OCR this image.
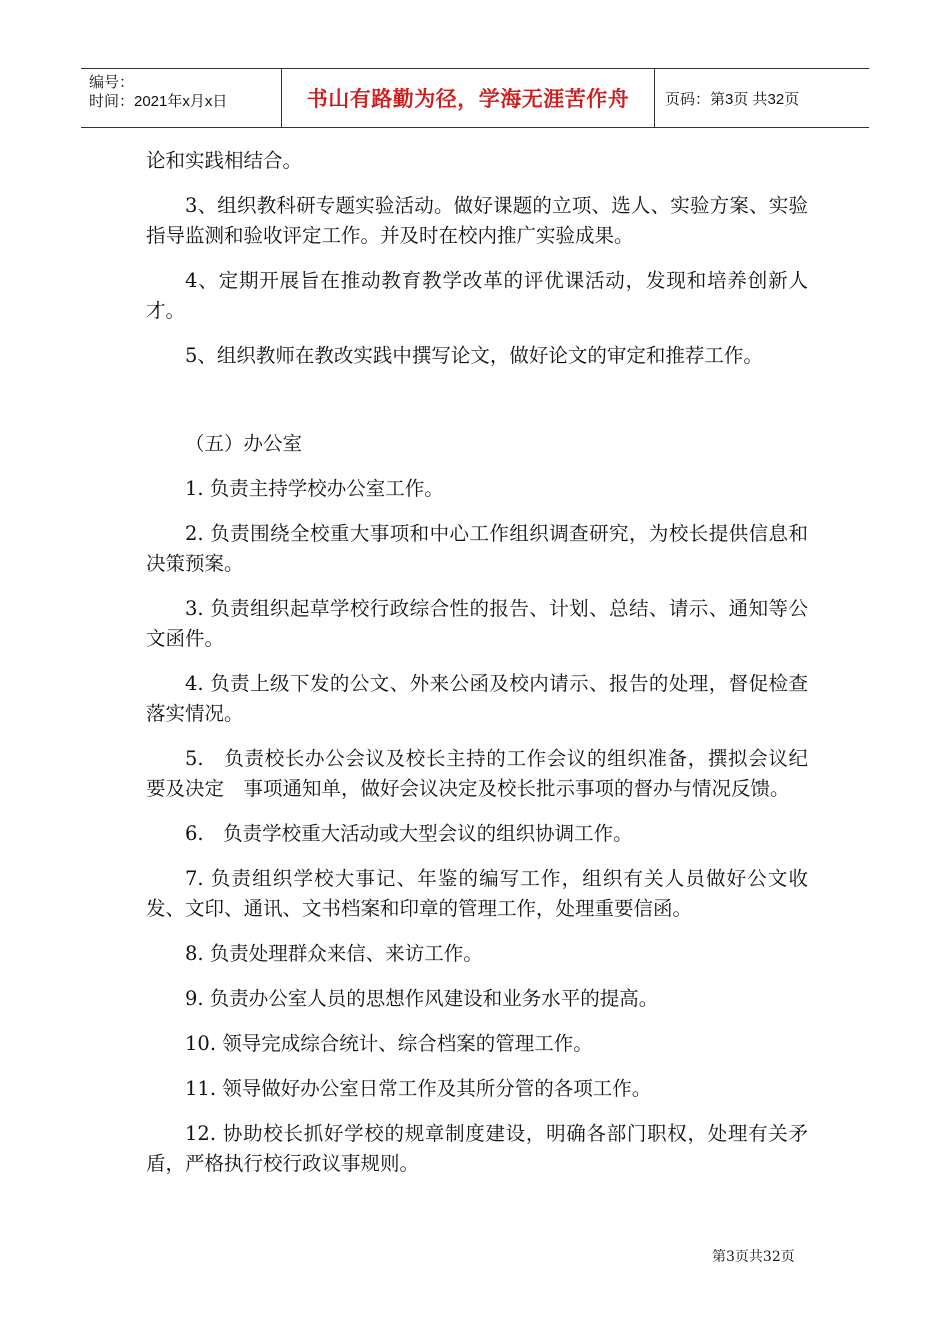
编号：
时间：2021年x月x日	书山有路勤为径，学海无涯苦作舟	页码：第3页 共32页

论和实践相结合。

3、组织教科研专题实验活动。做好课题的立项、选人、实验方案、实验指导监测和验收评定工作。并及时在校内推广实验成果。

4、定期开展旨在推动教育教学改革的评优课活动，发现和培养创新人才。

5、组织教师在教改实践中撰写论文，做好论文的审定和推荐工作。

（五）办公室

1. 负责主持学校办公室工作。

2. 负责围绕全校重大事项和中心工作组织调查研究，为校长提供信息和决策预案。

3. 负责组织起草学校行政综合性的报告、计划、总结、请示、通知等公文函件。

4. 负责上级下发的公文、外来公函及校内请示、报告的处理，督促检查落实情况。

5.　负责校长办公会议及校长主持的工作会议的组织准备，撰拟会议纪要及决定　事项通知单，做好会议决定及校长批示事项的督办与情况反馈。

6.　负责学校重大活动或大型会议的组织协调工作。

7. 负责组织学校大事记、年鉴的编写工作，组织有关人员做好公文收发、文印、通讯、文书档案和印章的管理工作，处理重要信函。

8. 负责处理群众来信、来访工作。

9. 负责办公室人员的思想作风建设和业务水平的提高。

10. 领导完成综合统计、综合档案的管理工作。

11. 领导做好办公室日常工作及其所分管的各项工作。

12. 协助校长抓好学校的规章制度建设，明确各部门职权，处理有关矛盾，严格执行校行政议事规则。

第3页共32页
